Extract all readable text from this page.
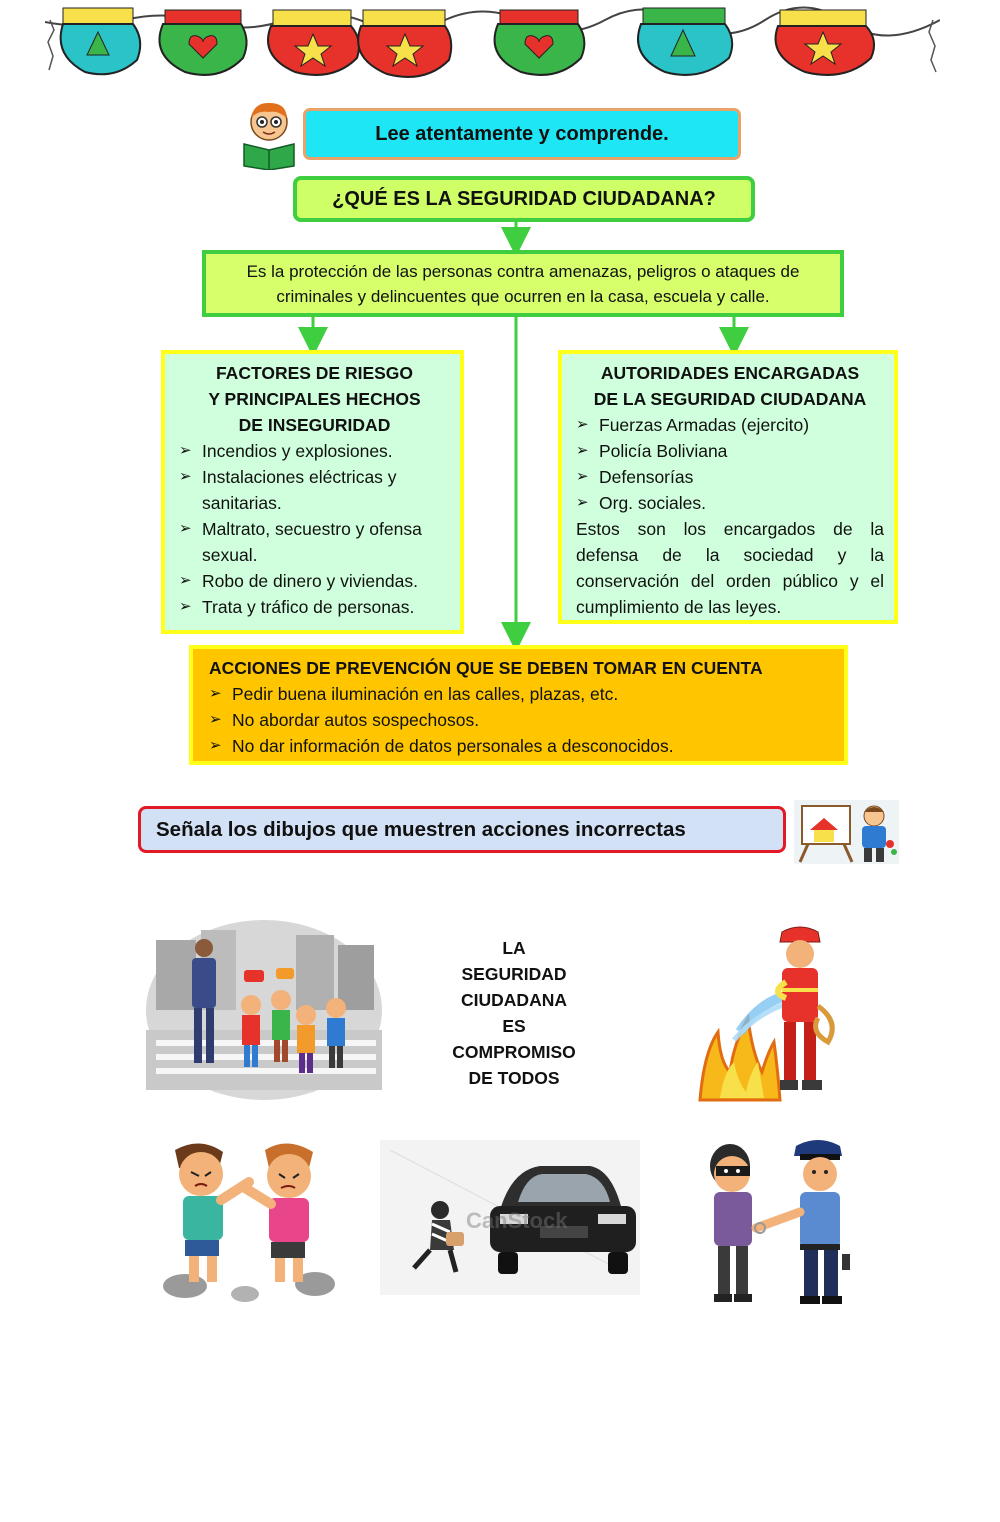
Lee atentamente y comprende.
¿QUÉ ES LA SEGURIDAD CIUDADANA?
Es la protección de las personas contra amenazas, peligros o ataques de criminales y delincuentes que ocurren en la casa, escuela y calle.
FACTORES DE RIESGO
Y PRINCIPALES HECHOS
DE INSEGURIDAD
➢ Incendios y explosiones.
➢ Instalaciones eléctricas y sanitarias.
➢ Maltrato, secuestro y ofensa sexual.
➢ Robo de dinero y viviendas.
➢ Trata y tráfico de personas.
AUTORIDADES ENCARGADAS
DE LA SEGURIDAD CIUDADANA
➢ Fuerzas Armadas (ejercito)
➢ Policía Boliviana
➢ Defensorías
➢ Org. sociales.
Estos son los encargados de la defensa de la sociedad y la conservación del orden público y el cumplimiento de las leyes.
ACCIONES DE PREVENCIÓN QUE SE DEBEN TOMAR EN CUENTA
➢ Pedir buena iluminación en las calles, plazas, etc.
➢ No abordar autos sospechosos.
➢ No dar información de datos personales a desconocidos.
Señala los dibujos que muestren acciones incorrectas
LA
SEGURIDAD
CIUDADANA
ES
COMPROMISO
DE TODOS
CanStock
